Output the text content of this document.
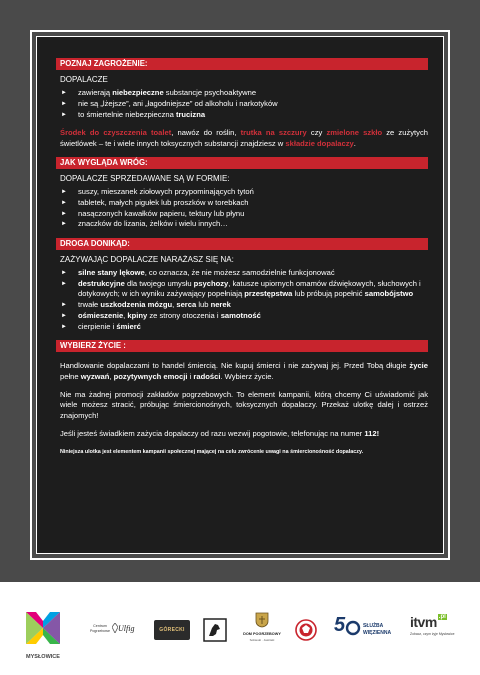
POZNAJ ZAGROŻENIE:
DOPALACZE
► zawierają niebezpieczne substancje psychoaktywne
► nie są „lżejsze”, ani „łagodniejsze” od alkoholu i narkotyków
► to śmiertelnie niebezpieczna trucizna

Środek do czyszczenia toalet, nawóz do roślin, trutka na szczury czy zmielone szkło ze zużytych świetlówek – te i wiele innych toksycznych substancji znajdziesz w składzie dopalaczy.

JAK WYGLĄDA WRÓG:
DOPALACZE SPRZEDAWANE SĄ W FORMIE:
► suszy, mieszanek ziołowych przypominających tytoń
► tabletek, małych pigułek lub proszków w torebkach
► nasączonych kawałków papieru, tektury lub płynu
► znaczków do lizania, żelków i wielu innych…
DROGA DONIKĄD:
ZAŻYWAJĄC DOPALACZE NARAŻASZ SIĘ NA:
► silne stany lękowe, co oznacza, że nie możesz samodzielnie funkcjonować
► destrukcyjne dla twojego umysłu psychozy, katusze upiornych omamów dźwiękowych, słuchowych i dotykowych; w ich wyniku zażywający popełniają przestępstwa lub próbują popełnić samobójstwo
► trwałe uszkodzenia mózgu, serca lub nerek
► ośmieszenie, kpiny ze strony otoczenia i samotność
► cierpienie i śmierć
WYBIERZ ŻYCIE :

Handlowanie dopalaczami to handel śmiercią. Nie kupuj śmierci i nie zażywaj jej. Przed Tobą długie życie pełne wyzwań, pozytywnych emocji i radości. Wybierz życie.

Nie ma żadnej promocji zakładów pogrzebowych. To element kampanii, którą chcemy Ci uświadomić jak wiele możesz stracić, próbując śmiercionośnych, toksycznych dopalaczy. Przekaż ulotkę dalej i ostrzeż znajomych!

Jeśli jesteś świadkiem zażycia dopalaczy od razu wezwij pogotowie, telefonując na numer 112!

Niniejsza ulotka jest elementem kampanii społecznej mającej na celu zwrócenie uwagi na śmiercionośność dopalaczy.
MYSŁOWICE
Centrum
Pogrzebowe Ulfig	GÓRECKI
DOM POGRZEBOWY
Sobieski · Jasiński
5	SŁUŻBA
WIĘZIENNA
itvm $^{.pl}$
Zobacz, czym żyje Mysłowice
